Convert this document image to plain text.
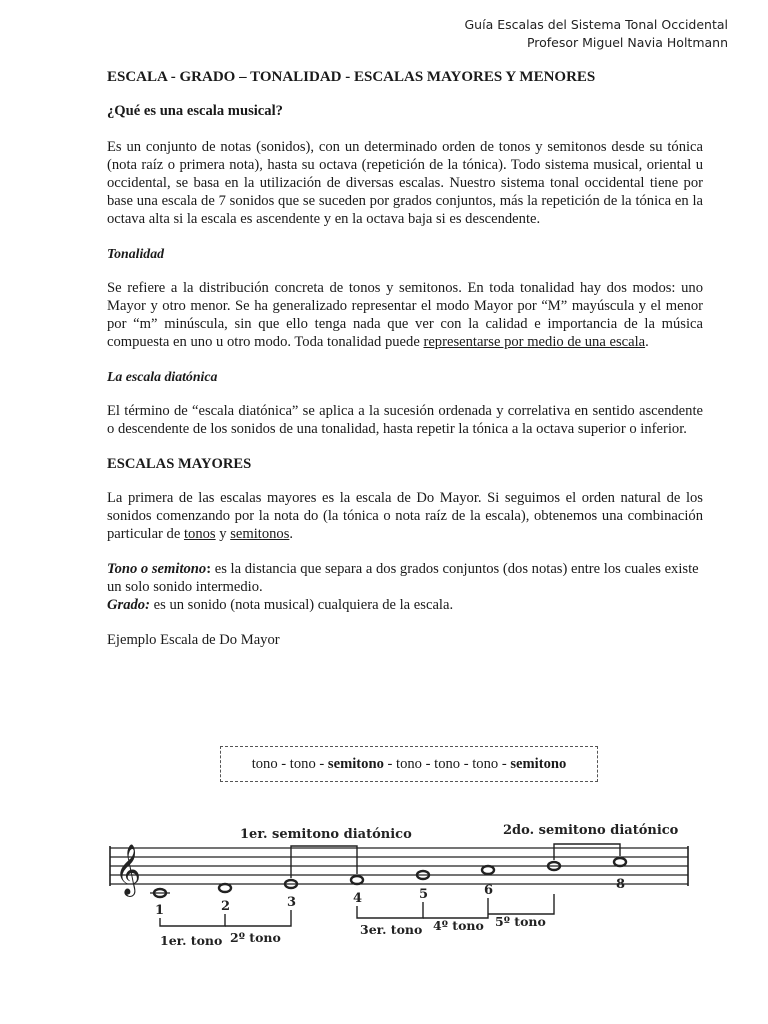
Guía Escalas del Sistema Tonal Occidental
Profesor Miguel Navia Holtmann

ESCALA - GRADO – TONALIDAD - ESCALAS MAYORES Y MENORES

¿Qué es una escala musical?

Es un conjunto de notas (sonidos), con un determinado orden de tonos y semitonos desde su tónica (nota raíz o primera nota), hasta su octava (repetición de la tónica). Todo sistema musical, oriental u occidental, se basa en la utilización de diversas escalas. Nuestro sistema tonal occidental tiene por base una escala de 7 sonidos que se suceden por grados conjuntos, más la repetición de la tónica en la octava alta si la escala es ascendente y en la octava baja si es descendente.

Tonalidad

Se refiere a la distribución concreta de tonos y semitonos. En toda tonalidad hay dos modos: uno Mayor y otro menor. Se ha generalizado representar el modo Mayor por “M” mayúscula y el menor por “m” minúscula, sin que ello tenga nada que ver con la calidad e importancia de la música compuesta en uno u otro modo. Toda tonalidad puede representarse por medio de una escala.

La escala diatónica

El término de “escala diatónica” se aplica a la sucesión ordenada y correlativa en sentido ascendente o descendente de los sonidos de una tonalidad, hasta repetir la tónica a la octava superior o inferior.

ESCALAS MAYORES

La primera de las escalas mayores es la escala de Do Mayor. Si seguimos el orden natural de los sonidos comenzando por la nota do (la tónica o nota raíz de la escala), obtenemos una combinación particular de tonos y semitonos.

Tono o semitono: es la distancia que separa a dos grados conjuntos (dos notas) entre los cuales existe un solo sonido intermedio.

Grado: es un sonido (nota musical) cualquiera de la escala.

Ejemplo Escala de Do Mayor

tono - tono - semitono - tono - tono - tono - semitono
𝄞
1er. semitono diatónico	2do. semitono diatónico
1	2	3	4	5	6	8
1er. tono 2º tono
3er. tono 4º tono 5º tono
